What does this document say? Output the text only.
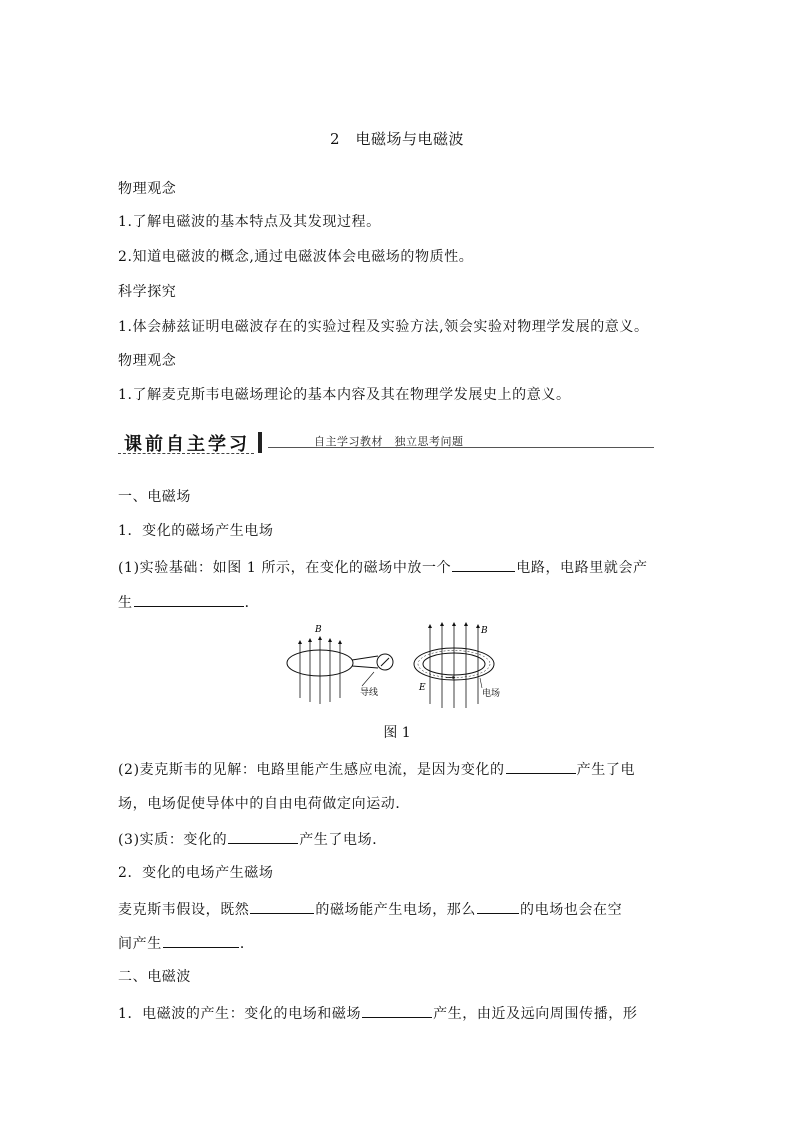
2　电磁场与电磁波
物理观念
1.了解电磁波的基本特点及其发现过程。
2.知道电磁波的概念,通过电磁波体会电磁场的物质性。
科学探究
1.体会赫兹证明电磁波存在的实验过程及实验方法,领会实验对物理学发展的意义。
物理观念
1.了解麦克斯韦电磁场理论的基本内容及其在物理学发展史上的意义。
课前自主学习	自主学习教材　独立思考问题
一、电磁场
1．变化的磁场产生电场
(1)实验基础：如图 1 所示，在变化的磁场中放一个	电路，电路里就会产
生	．
B
导线
B
E
电场
图 1
(2)麦克斯韦的见解：电路里能产生感应电流，是因为变化的	产生了电
场，电场促使导体中的自由电荷做定向运动．
(3)实质：变化的	产生了电场．
2．变化的电场产生磁场
麦克斯韦假设，既然	的磁场能产生电场，那么	的电场也会在空
间产生	．
二、电磁波
1．电磁波的产生：变化的电场和磁场	产生，由近及远向周围传播，形
